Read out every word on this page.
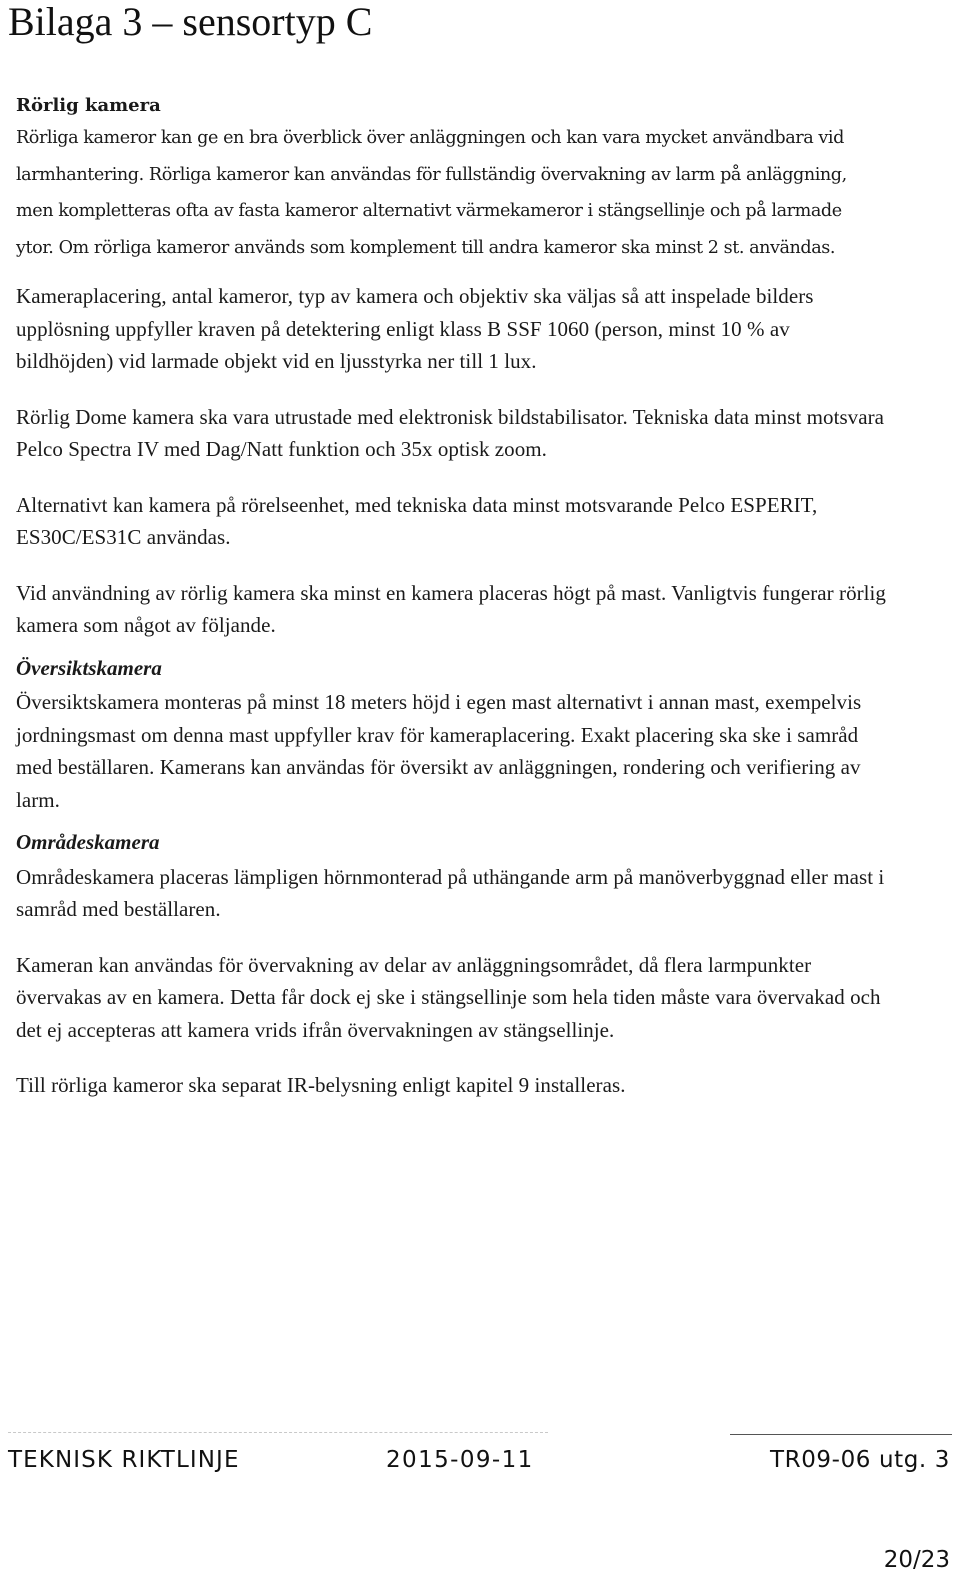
Bilaga 3 – sensortyp C
Rörlig kamera

Rörliga kameror kan ge en bra överblick över anläggningen och kan vara mycket användbara vid larmhantering. Rörliga kameror kan användas för fullständig övervakning av larm på anläggning, men kompletteras ofta av fasta kameror alternativt värmekameror i stängsellinje och på larmade ytor. Om rörliga kameror används som komplement till andra kameror ska minst 2 st. användas.

Kameraplacering, antal kameror, typ av kamera och objektiv ska väljas så att inspelade bilders upplösning uppfyller kraven på detektering enligt klass B SSF 1060 (person, minst 10 % av bildhöjden) vid larmade objekt vid en ljusstyrka ner till 1 lux.

Rörlig Dome kamera ska vara utrustade med elektronisk bildstabilisator. Tekniska data minst motsvara Pelco Spectra IV med Dag/Natt funktion och 35x optisk zoom.

Alternativt kan kamera på rörelseenhet, med tekniska data minst motsvarande Pelco ESPERIT, ES30C/ES31C användas.

Vid användning av rörlig kamera ska minst en kamera placeras högt på mast. Vanligtvis fungerar rörlig kamera som något av följande.

Översiktskamera

Översiktskamera monteras på minst 18 meters höjd i egen mast alternativt i annan mast, exempelvis jordningsmast om denna mast uppfyller krav för kameraplacering. Exakt placering ska ske i samråd med beställaren. Kamerans kan användas för översikt av anläggningen, rondering och verifiering av larm.

Områdeskamera

Områdeskamera placeras lämpligen hörnmonterad på uthängande arm på manöverbyggnad eller mast i samråd med beställaren.

Kameran kan användas för övervakning av delar av anläggningsområdet, då flera larmpunkter övervakas av en kamera. Detta får dock ej ske i stängsellinje som hela tiden måste vara övervakad och det ej accepteras att kamera vrids ifrån övervakningen av stängsellinje.

Till rörliga kameror ska separat IR-belysning enligt kapitel 9 installeras.

TEKNISK RIKTLINJE	2015-09-11	TR09-06 utg. 3
20/23
